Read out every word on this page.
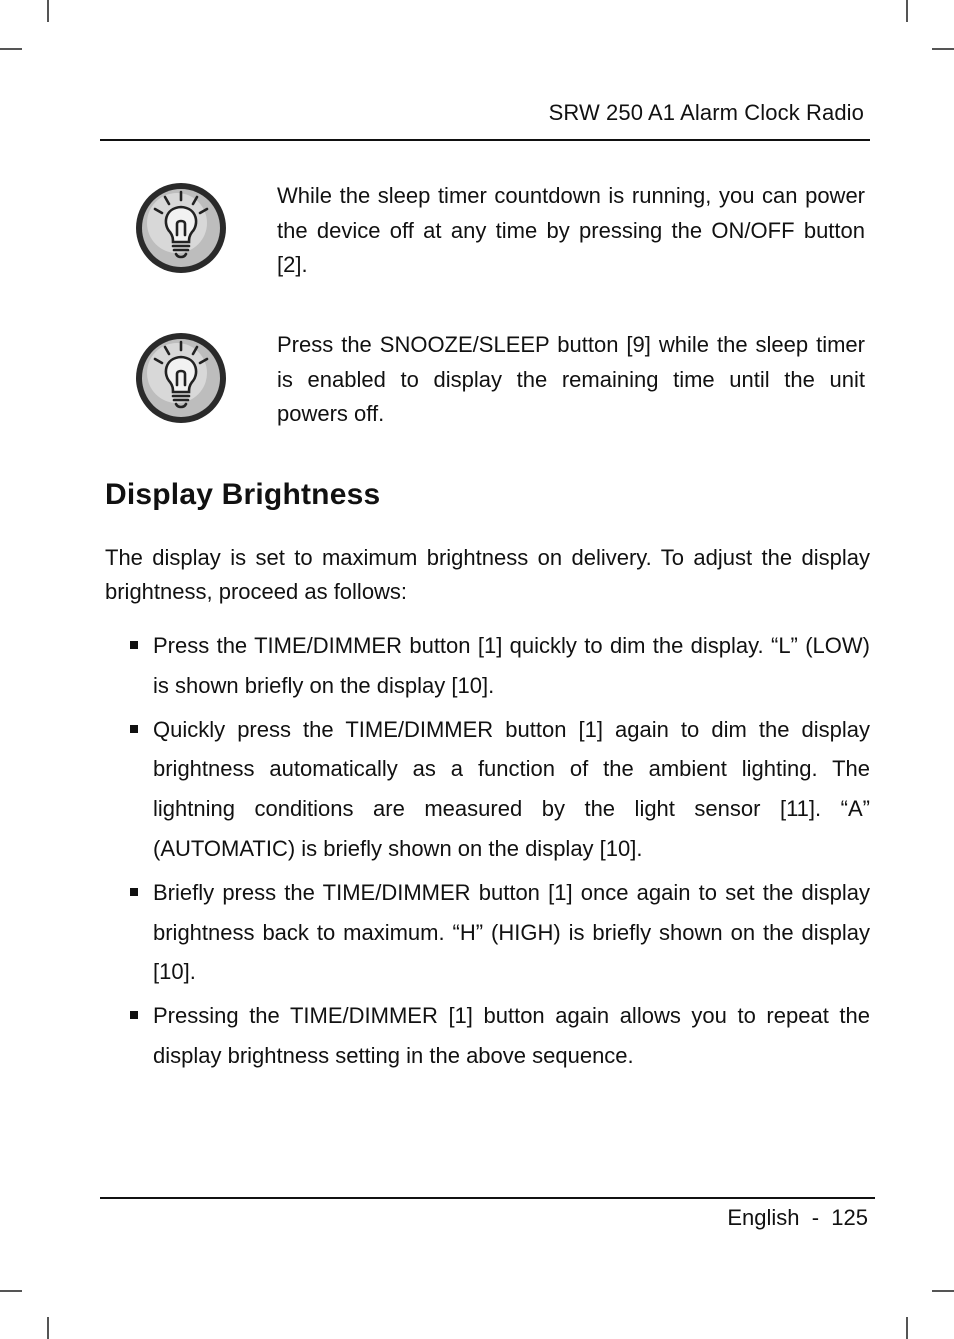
SRW 250 A1 Alarm Clock Radio
While the sleep timer countdown is running, you can power the device off at any time by pressing the ON/OFF button [2].
Press the SNOOZE/SLEEP button [9] while the sleep timer is enabled to display the remaining time until the unit powers off.
Display Brightness

The display is set to maximum brightness on delivery. To adjust the display brightness, proceed as follows:

Press the TIME/DIMMER button [1] quickly to dim the display. “L” (LOW) is shown briefly on the display [10].
Quickly press the TIME/DIMMER button [1] again to dim the display brightness automatically as a function of the ambient lighting. The lightning conditions are measured by the light sensor [11]. “A” (AUTOMATIC) is briefly shown on the display [10].
Briefly press the TIME/DIMMER button [1] once again to set the display brightness back to maximum. “H” (HIGH) is briefly shown on the display [10].
Pressing the TIME/DIMMER [1] button again allows you to repeat the display brightness setting in the above sequence.
English - 125
